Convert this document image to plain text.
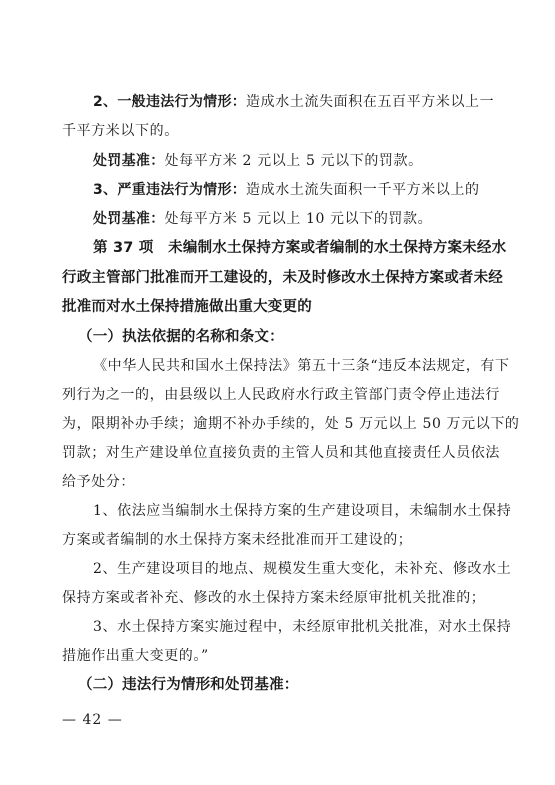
2、一般违法行为情形：造成水土流失面积在五百平方米以上一
千平方米以下的。
处罚基准：处每平方米 2 元以上 5 元以下的罚款。
3、严重违法行为情形：造成水土流失面积一千平方米以上的
处罚基准：处每平方米 5 元以上 10 元以下的罚款。
第 37 项　未编制水土保持方案或者编制的水土保持方案未经水
行政主管部门批准而开工建设的，未及时修改水土保持方案或者未经
批准而对水土保持措施做出重大变更的
（一）执法依据的名称和条文：
《中华人民共和国水土保持法》第五十三条“违反本法规定，有下
列行为之一的，由县级以上人民政府水行政主管部门责令停止违法行
为，限期补办手续；逾期不补办手续的，处 5 万元以上 50 万元以下的
罚款；对生产建设单位直接负责的主管人员和其他直接责任人员依法
给予处分：
1、依法应当编制水土保持方案的生产建设项目，未编制水土保持
方案或者编制的水土保持方案未经批准而开工建设的；
2、生产建设项目的地点、规模发生重大变化，未补充、修改水土
保持方案或者补充、修改的水土保持方案未经原审批机关批准的；
3、水土保持方案实施过程中，未经原审批机关批准，对水土保持
措施作出重大变更的。”
— 42 —
（二）违法行为情形和处罚基准：
